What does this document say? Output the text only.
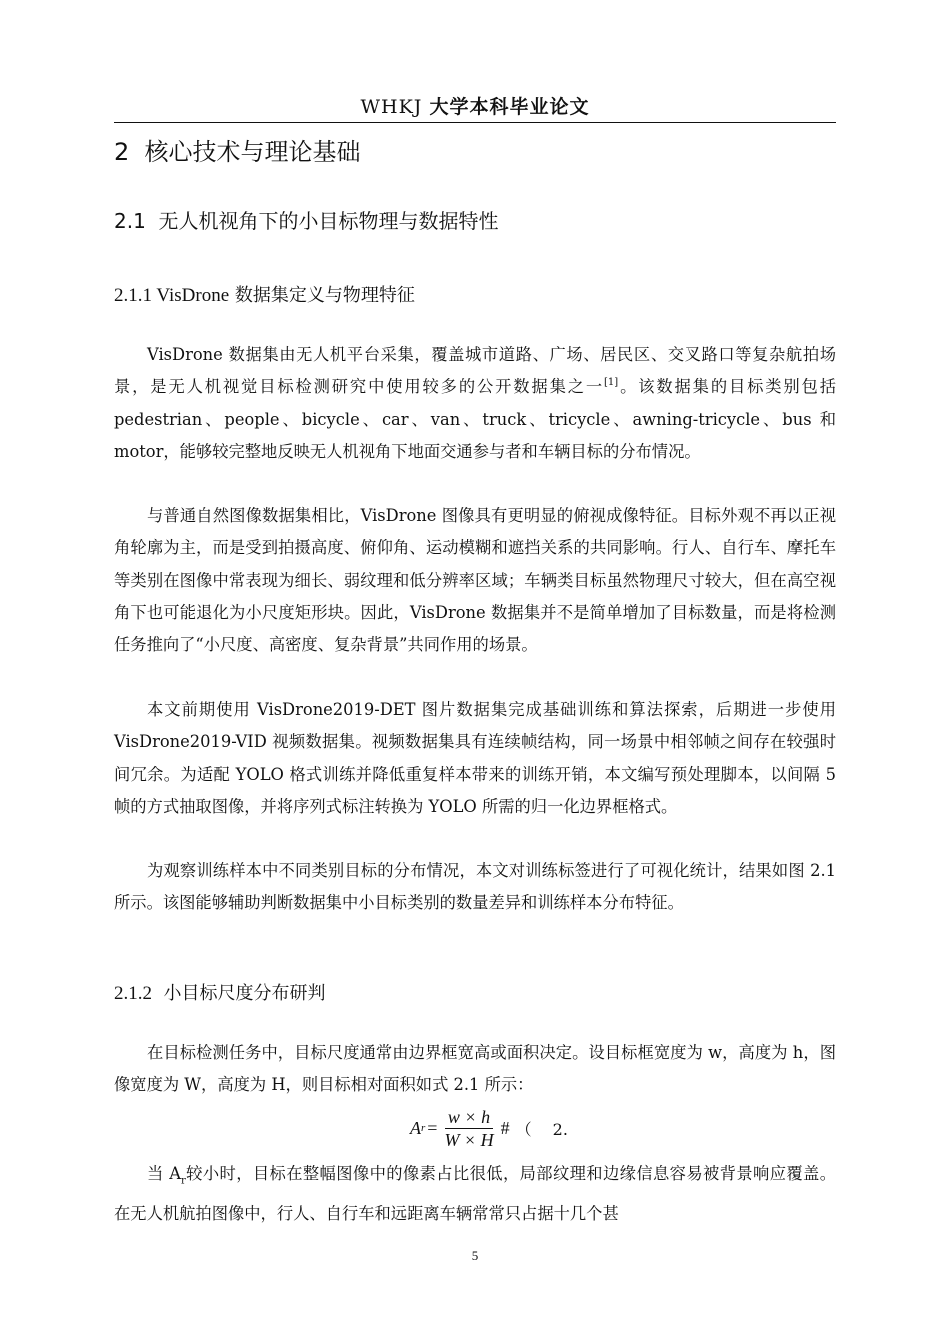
WHKJ 大学本科毕业论文
2 核心技术与理论基础
2.1 无人机视角下的小目标物理与数据特性
2.1.1 VisDrone 数据集定义与物理特征

VisDrone 数据集由无人机平台采集，覆盖城市道路、广场、居民区、交叉路口等复杂航拍场景，是无人机视觉目标检测研究中使用较多的公开数据集之一[1]。该数据集的目标类别包括 pedestrian、people、bicycle、car、van、truck、tricycle、awning-tricycle、bus 和 motor，能够较完整地反映无人机视角下地面交通参与者和车辆目标的分布情况。

与普通自然图像数据集相比，VisDrone 图像具有更明显的俯视成像特征。目标外观不再以正视角轮廓为主，而是受到拍摄高度、俯仰角、运动模糊和遮挡关系的共同影响。行人、自行车、摩托车等类别在图像中常表现为细长、弱纹理和低分辨率区域；车辆类目标虽然物理尺寸较大，但在高空视角下也可能退化为小尺度矩形块。因此，VisDrone 数据集并不是简单增加了目标数量，而是将检测任务推向了“小尺度、高密度、复杂背景”共同作用的场景。

本文前期使用 VisDrone2019-DET 图片数据集完成基础训练和算法探索，后期进一步使用 VisDrone2019-VID 视频数据集。视频数据集具有连续帧结构，同一场景中相邻帧之间存在较强时间冗余。为适配 YOLO 格式训练并降低重复样本带来的训练开销，本文编写预处理脚本，以间隔 5 帧的方式抽取图像，并将序列式标注转换为 YOLO 所需的归一化边界框格式。

为观察训练样本中不同类别目标的分布情况，本文对训练标签进行了可视化统计，结果如图 2.1 所示。该图能够辅助判断数据集中小目标类别的数量差异和训练样本分布特征。

2.1.2 小目标尺度分布研判

在目标检测任务中，目标尺度通常由边界框宽高或面积决定。设目标框宽度为 w，高度为 h，图像宽度为 W，高度为 H，则目标相对面积如式 2.1 所示：

A $r = \frac{w \times h}{W \times H}$ # （　 2.

当 $A_r$较小时，目标在整幅图像中的像素占比很低，局部纹理和边缘信息容易被背景响应覆盖。在无人机航拍图像中，行人、自行车和远距离车辆常常只占据十几个甚

5
